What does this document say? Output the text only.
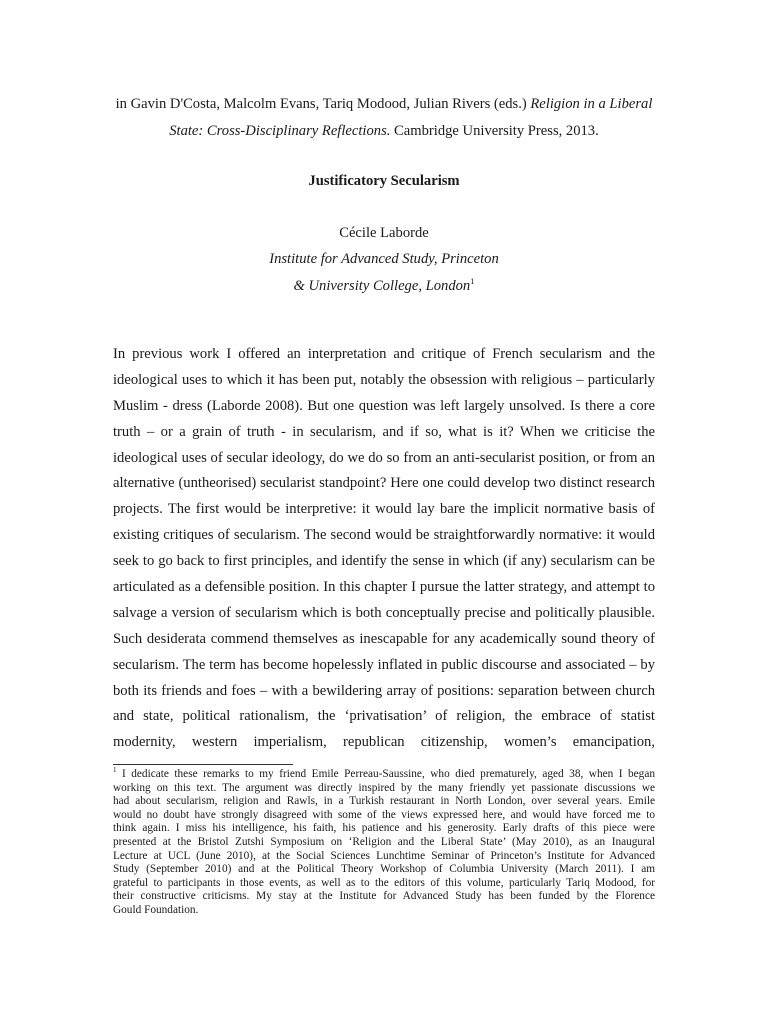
in Gavin D'Costa, Malcolm Evans, Tariq Modood, Julian Rivers (eds.) Religion in a Liberal
State: Cross-Disciplinary Reflections. Cambridge University Press, 2013.
Justificatory Secularism
Cécile Laborde
Institute for Advanced Study, Princeton
& University College, London$^1$
In previous work I offered an interpretation and critique of French secularism and the
ideological uses to which it has been put, notably the obsession with religious – particularly
Muslim - dress (Laborde 2008). But one question was left largely unsolved. Is there a core
truth – or a grain of truth - in secularism, and if so, what is it? When we criticise the
ideological uses of secular ideology, do we do so from an anti-secularist position, or from an
alternative (untheorised) secularist standpoint? Here one could develop two distinct research
projects. The first would be interpretive: it would lay bare the implicit normative basis of
existing critiques of secularism. The second would be straightforwardly normative: it would
seek to go back to first principles, and identify the sense in which (if any) secularism can be
articulated as a defensible position. In this chapter I pursue the latter strategy, and attempt to
salvage a version of secularism which is both conceptually precise and politically plausible.
Such desiderata commend themselves as inescapable for any academically sound theory of
secularism. The term has become hopelessly inflated in public discourse and associated – by
both its friends and foes – with a bewildering array of positions: separation between church
and state, political rationalism, the ‘privatisation’ of religion, the embrace of statist
modernity, western imperialism, republican citizenship, women’s emancipation,
$^1$ I dedicate these remarks to my friend Emile Perreau-Saussine, who died prematurely, aged 38, when I began
working on this text. The argument was directly inspired by the many friendly yet passionate discussions we
had about secularism, religion and Rawls, in a Turkish restaurant in North London, over several years. Emile
would no doubt have strongly disagreed with some of the views expressed here, and would have forced me to
think again. I miss his intelligence, his faith, his patience and his generosity. Early drafts of this piece were
presented at the Bristol Zutshi Symposium on ‘Religion and the Liberal State’ (May 2010), as an Inaugural
Lecture at UCL (June 2010), at the Social Sciences Lunchtime Seminar of Princeton’s Institute for Advanced
Study (September 2010) and at the Political Theory Workshop of Columbia University (March 2011). I am
grateful to participants in those events, as well as to the editors of this volume, particularly Tariq Modood, for
their constructive criticisms. My stay at the Institute for Advanced Study has been funded by the Florence
Gould Foundation.
